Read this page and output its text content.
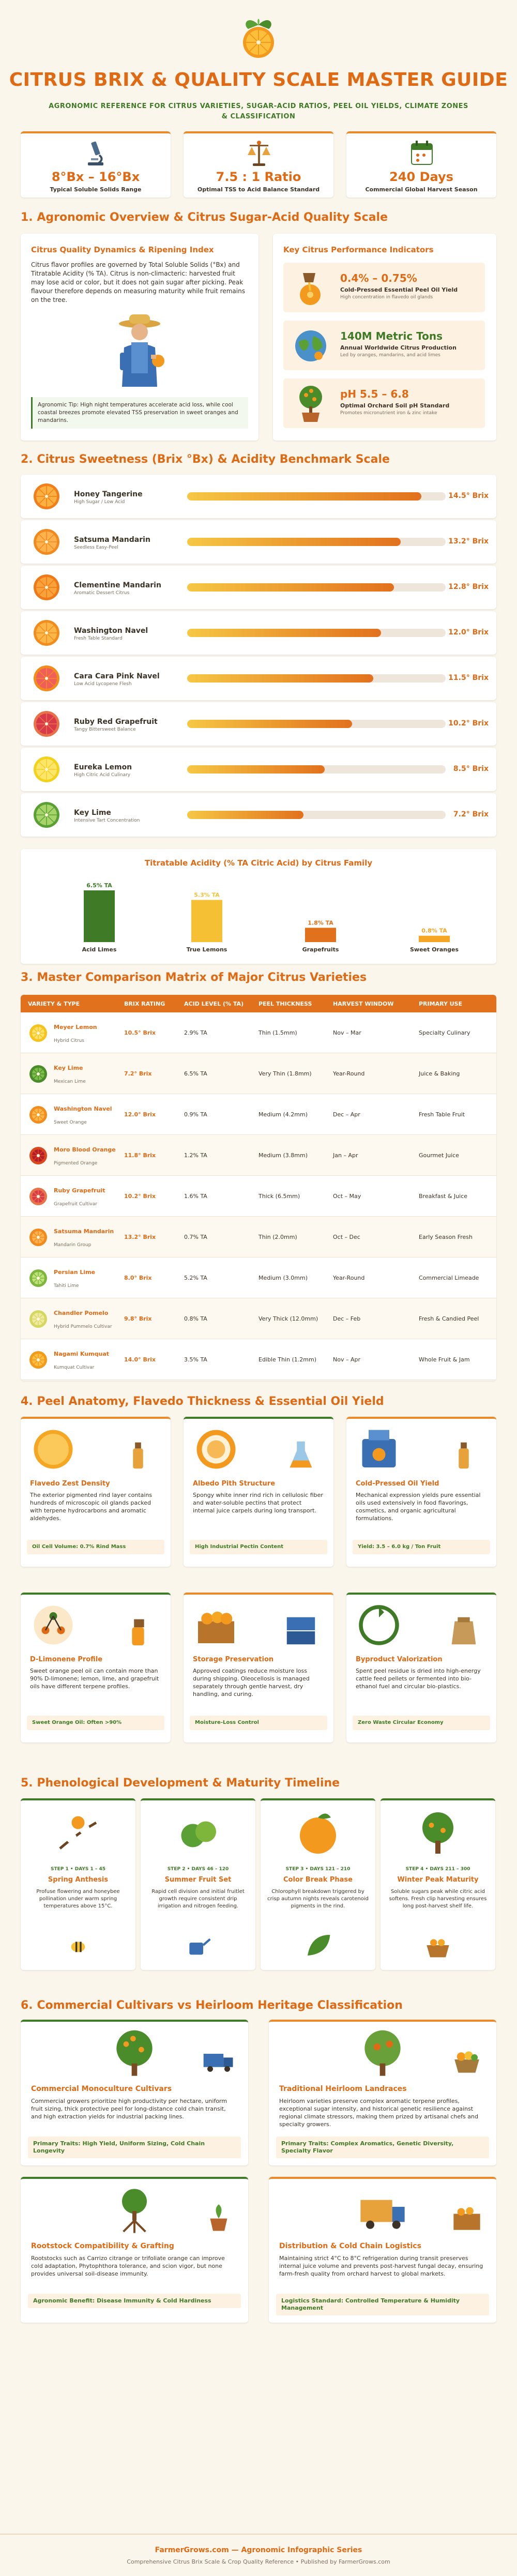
CITRUS BRIX & QUALITY SCALE MASTER GUIDE
AGRONOMIC REFERENCE FOR CITRUS VARIETIES, SUGAR-ACID RATIOS, PEEL OIL YIELDS, CLIMATE ZONES & CLASSIFICATION
8°Bx – 16°Bx
Typical Soluble Solids Range
7.5 : 1 Ratio
Optimal TSS to Acid Balance Standard
240 Days
Commercial Global Harvest Season
1. Agronomic Overview & Citrus Sugar-Acid Quality Scale
Citrus Quality Dynamics & Ripening Index
Citrus flavor profiles are governed by Total Soluble Solids (°Bx) and Titratable Acidity (% TA). Citrus is non-climacteric: harvested fruit may lose acid or color, but it does not gain sugar after picking. Peak flavour therefore depends on measuring maturity while fruit remains on the tree.
Agronomic Tip: High night temperatures accelerate acid loss, while cool coastal breezes promote elevated TSS preservation in sweet oranges and mandarins.
Key Citrus Performance Indicators
0.4% – 0.75%
Cold-Pressed Essential Peel Oil Yield
High concentration in flavedo oil glands
140M Metric Tons
Annual Worldwide Citrus Production
Led by oranges, mandarins, and acid limes
pH 5.5 – 6.8
Optimal Orchard Soil pH Standard
Promotes micronutrient iron & zinc intake
2. Citrus Sweetness (Brix °Bx) & Acidity Benchmark Scale
Honey Tangerine
High Sugar / Low Acid
14.5° Brix
Satsuma Mandarin
Seedless Easy-Peel
13.2° Brix
Clementine Mandarin
Aromatic Dessert Citrus
12.8° Brix
Washington Navel
Fresh Table Standard
12.0° Brix
Cara Cara Pink Navel
Low Acid Lycopene Flesh
11.5° Brix
Ruby Red Grapefruit
Tangy Bittersweet Balance
10.2° Brix
Eureka Lemon
High Citric Acid Culinary
8.5° Brix
Key Lime
Intensive Tart Concentration
7.2° Brix
Titratable Acidity (% TA Citric Acid) by Citrus Family
6.5% TA
Acid Limes
5.3% TA
True Lemons
1.8% TA
Grapefruits
0.8% TA
Sweet Oranges
3. Master Comparison Matrix of Major Citrus Varieties
VARIETY & TYPE	BRIX RATING	ACID LEVEL (% TA)	PEEL THICKNESS	HARVEST WINDOW	PRIMARY USE
Meyer Lemon
Hybrid Citrus
10.5° Brix	2.9% TA	Thin (1.5mm)	Nov – Mar	Specialty Culinary
Key Lime
Mexican Lime
7.2° Brix	6.5% TA	Very Thin (1.8mm)	Year-Round	Juice & Baking
Washington Navel
Sweet Orange
12.0° Brix	0.9% TA	Medium (4.2mm)	Dec – Apr	Fresh Table Fruit
Moro Blood Orange
Pigmented Orange
11.8° Brix	1.2% TA	Medium (3.8mm)	Jan – Apr	Gourmet Juice
Ruby Grapefruit
Grapefruit Cultivar
10.2° Brix	1.6% TA	Thick (6.5mm)	Oct – May	Breakfast & Juice
Satsuma Mandarin
Mandarin Group
13.2° Brix	0.7% TA	Thin (2.0mm)	Oct – Dec	Early Season Fresh
Persian Lime
Tahiti Lime
8.0° Brix	5.2% TA	Medium (3.0mm)	Year-Round	Commercial Limeade
Chandler Pomelo
Hybrid Pummelo Cultivar
9.8° Brix	0.8% TA	Very Thick (12.0mm)	Dec – Feb	Fresh & Candied Peel
Nagami Kumquat
Kumquat Cultivar
14.0° Brix	3.5% TA	Edible Thin (1.2mm)	Nov – Apr	Whole Fruit & Jam
4. Peel Anatomy, Flavedo Thickness & Essential Oil Yield
Flavedo Zest Density
The exterior pigmented rind layer contains hundreds of microscopic oil glands packed with terpene hydrocarbons and aromatic aldehydes.
Oil Cell Volume: 0.7% Rind Mass
Albedo Pith Structure
Spongy white inner rind rich in cellulosic fiber and water-soluble pectins that protect internal juice carpels during long transport.
High Industrial Pectin Content
Cold-Pressed Oil Yield
Mechanical expression yields pure essential oils used extensively in food flavorings, cosmetics, and organic agricultural formulations.
Yield: 3.5 – 6.0 kg / Ton Fruit
D-Limonene Profile
Sweet orange peel oil can contain more than 90% D-limonene; lemon, lime, and grapefruit oils have different terpene profiles.
Sweet Orange Oil: Often >90%
Storage Preservation
Approved coatings reduce moisture loss during shipping. Oleocellosis is managed separately through gentle harvest, dry handling, and curing.
Moisture-Loss Control
Byproduct Valorization
Spent peel residue is dried into high-energy cattle feed pellets or fermented into bio-ethanol fuel and circular bio-plastics.
Zero Waste Circular Economy
5. Phenological Development & Maturity Timeline
STEP 1 • DAYS 1 – 45
Spring Anthesis
Profuse flowering and honeybee pollination under warm spring temperatures above 15°C.
STEP 2 • DAYS 46 – 120
Summer Fruit Set
Rapid cell division and initial fruitlet growth require consistent drip irrigation and nitrogen feeding.
STEP 3 • DAYS 121 – 210
Color Break Phase
Chlorophyll breakdown triggered by crisp autumn nights reveals carotenoid pigments in the rind.
STEP 4 • DAYS 211 – 300
Winter Peak Maturity
Soluble sugars peak while citric acid softens. Fresh clip harvesting ensures long post-harvest shelf life.
6. Commercial Cultivars vs Heirloom Heritage Classification
Commercial Monoculture Cultivars
Commercial growers prioritize high productivity per hectare, uniform fruit sizing, thick protective peel for long-distance cold chain transit, and high extraction yields for industrial packing lines.
Primary Traits: High Yield, Uniform Sizing, Cold Chain Longevity
Traditional Heirloom Landraces
Heirloom varieties preserve complex aromatic terpene profiles, exceptional sugar intensity, and historical genetic resilience against regional climate stressors, making them prized by artisanal chefs and specialty growers.
Primary Traits: Complex Aromatics, Genetic Diversity, Specialty Flavor
Rootstock Compatibility & Grafting
Rootstocks such as Carrizo citrange or trifoliate orange can improve cold adaptation, Phytophthora tolerance, and scion vigor, but none provides universal soil-disease immunity.
Agronomic Benefit: Disease Immunity & Cold Hardiness
Distribution & Cold Chain Logistics
Maintaining strict 4°C to 8°C refrigeration during transit preserves internal juice volume and prevents post-harvest fungal decay, ensuring farm-fresh quality from orchard harvest to global markets.
Logistics Standard: Controlled Temperature & Humidity Management
FarmerGrows.com — Agronomic Infographic Series
Comprehensive Citrus Brix Scale & Crop Quality Reference • Published by FarmerGrows.com
